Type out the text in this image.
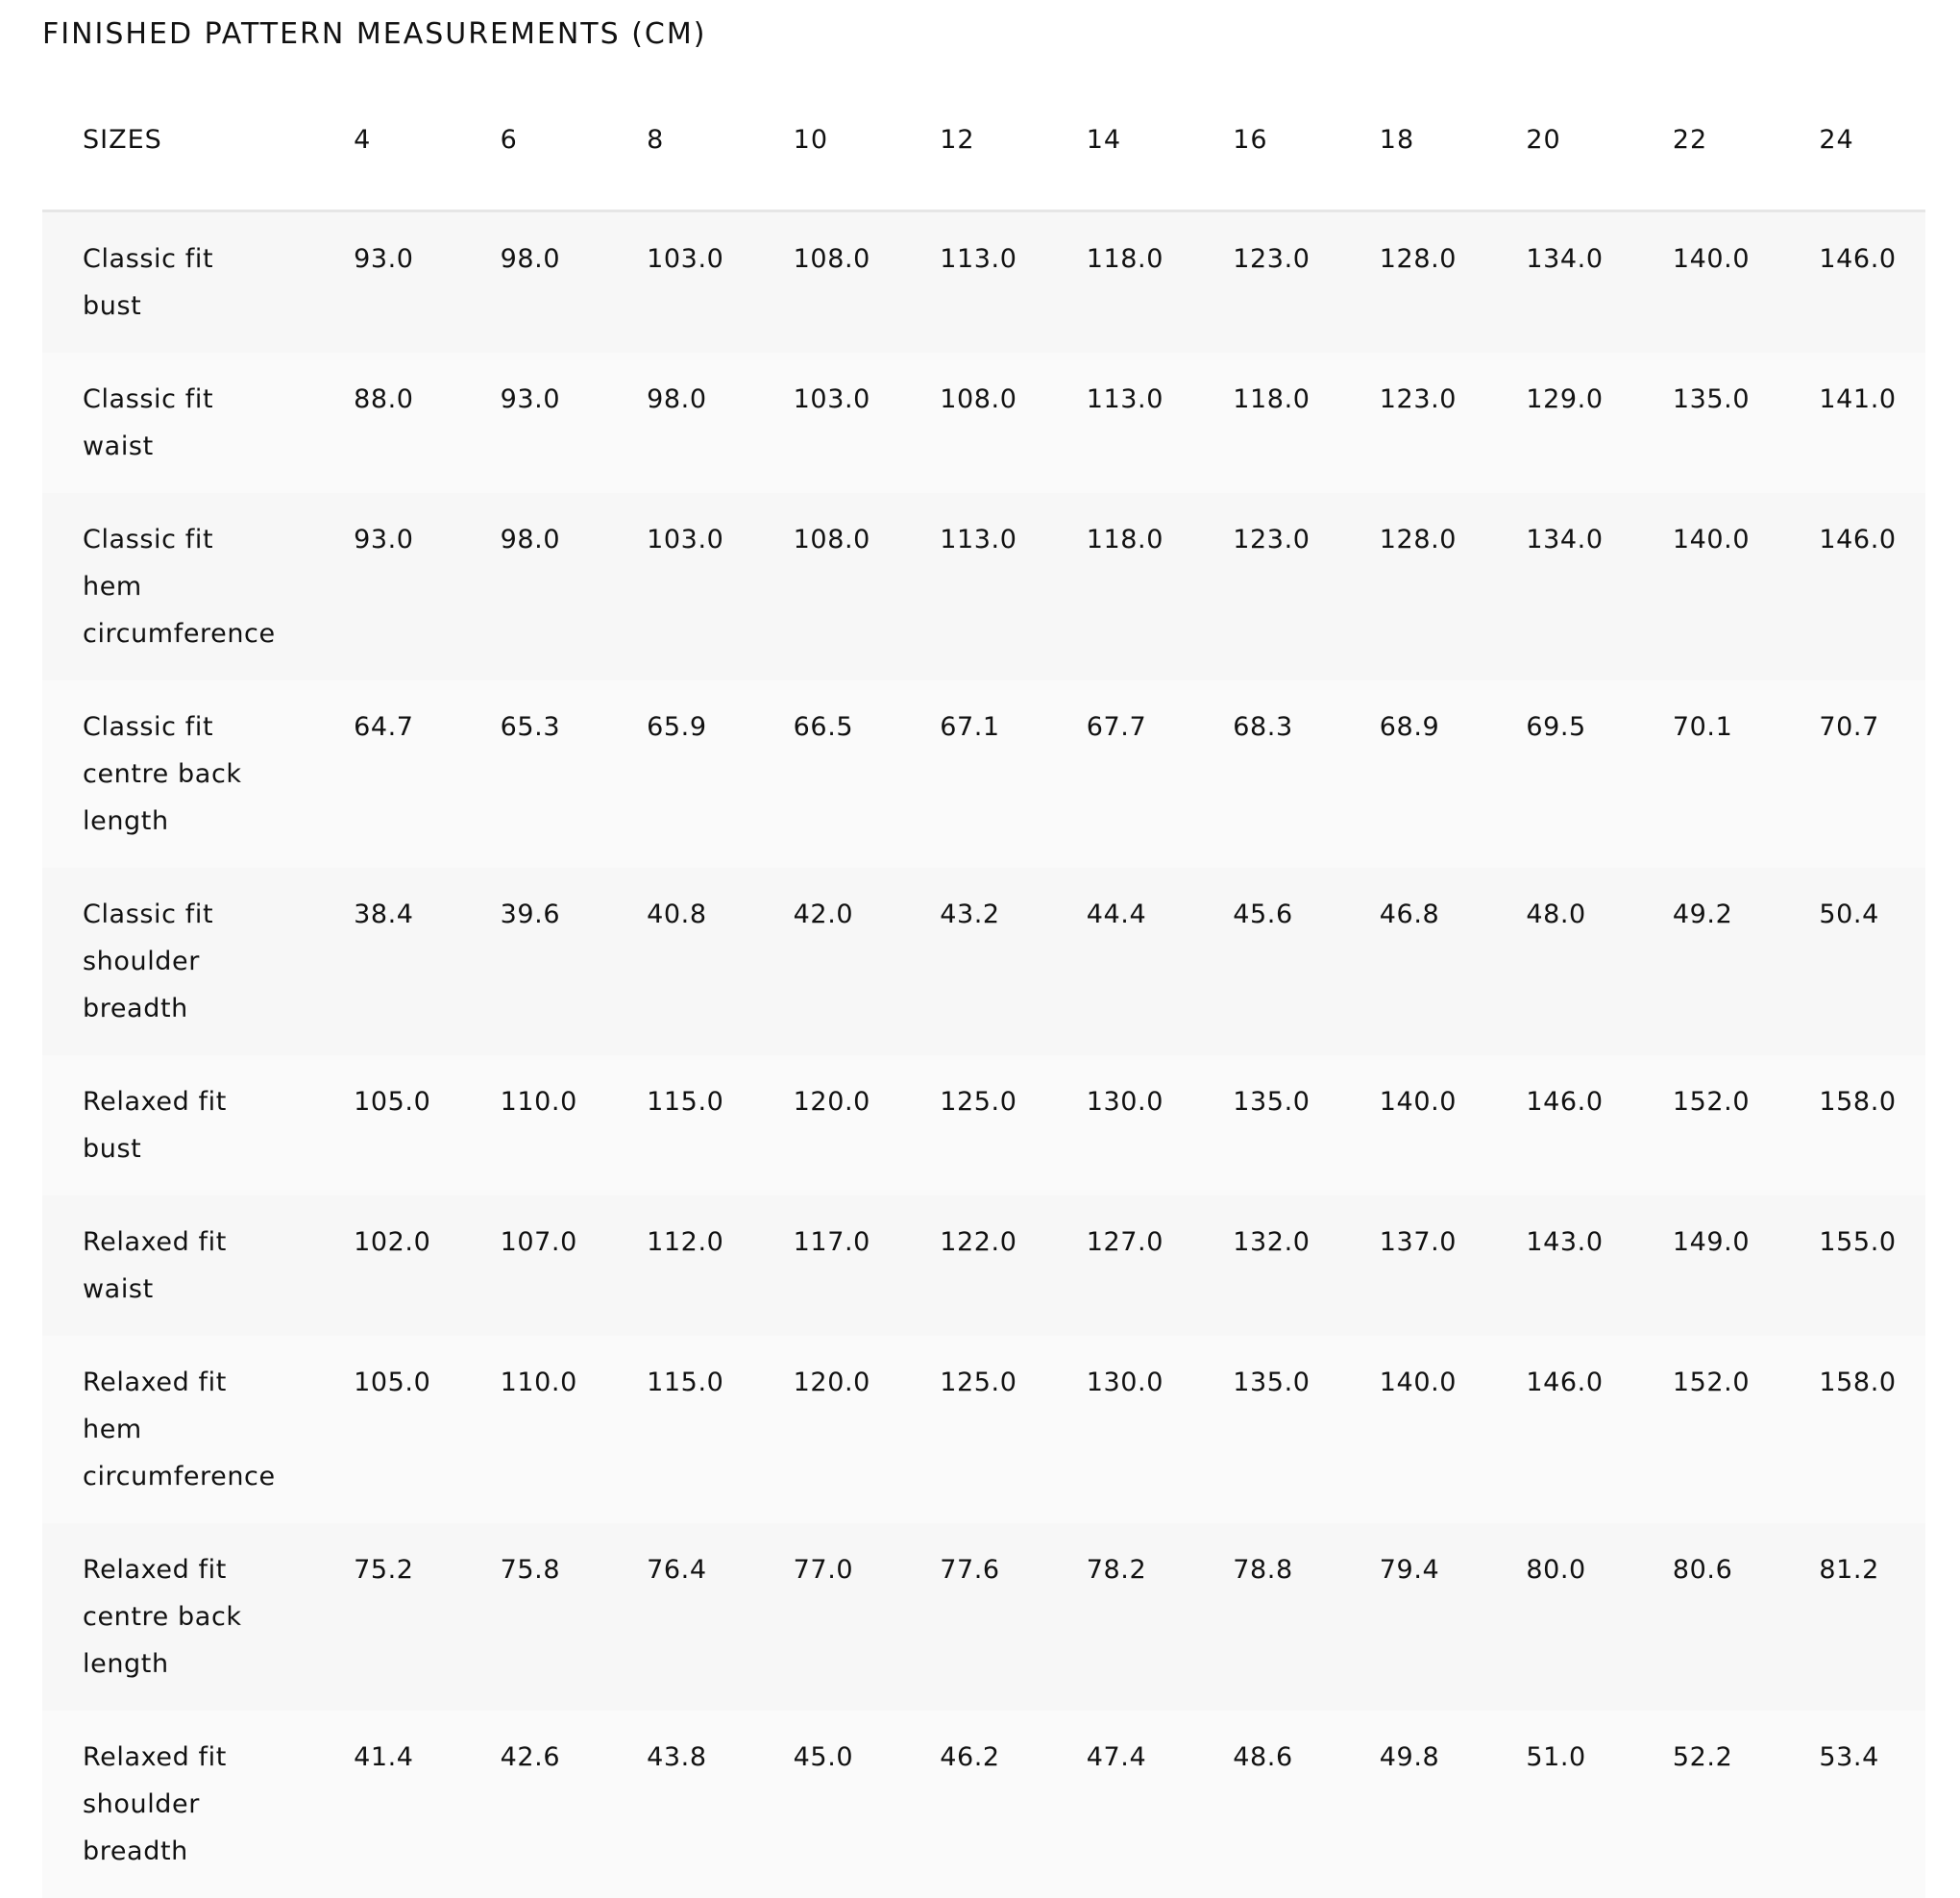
FINISHED PATTERN MEASUREMENTS (CM)
SIZES	4	6	8	10	12	14	16	18	20	22	24
Classic fit bust	93.0	98.0	103.0	108.0	113.0	118.0	123.0	128.0	134.0	140.0	146.0
Classic fit waist	88.0	93.0	98.0	103.0	108.0	113.0	118.0	123.0	129.0	135.0	141.0
Classic fit hem circumference	93.0	98.0	103.0	108.0	113.0	118.0	123.0	128.0	134.0	140.0	146.0
Classic fit centre back length	64.7	65.3	65.9	66.5	67.1	67.7	68.3	68.9	69.5	70.1	70.7
Classic fit shoulder breadth	38.4	39.6	40.8	42.0	43.2	44.4	45.6	46.8	48.0	49.2	50.4
Relaxed fit bust	105.0	110.0	115.0	120.0	125.0	130.0	135.0	140.0	146.0	152.0	158.0
Relaxed fit waist	102.0	107.0	112.0	117.0	122.0	127.0	132.0	137.0	143.0	149.0	155.0
Relaxed fit hem circumference	105.0	110.0	115.0	120.0	125.0	130.0	135.0	140.0	146.0	152.0	158.0
Relaxed fit centre back length	75.2	75.8	76.4	77.0	77.6	78.2	78.8	79.4	80.0	80.6	81.2
Relaxed fit shoulder breadth	41.4	42.6	43.8	45.0	46.2	47.4	48.6	49.8	51.0	52.2	53.4
